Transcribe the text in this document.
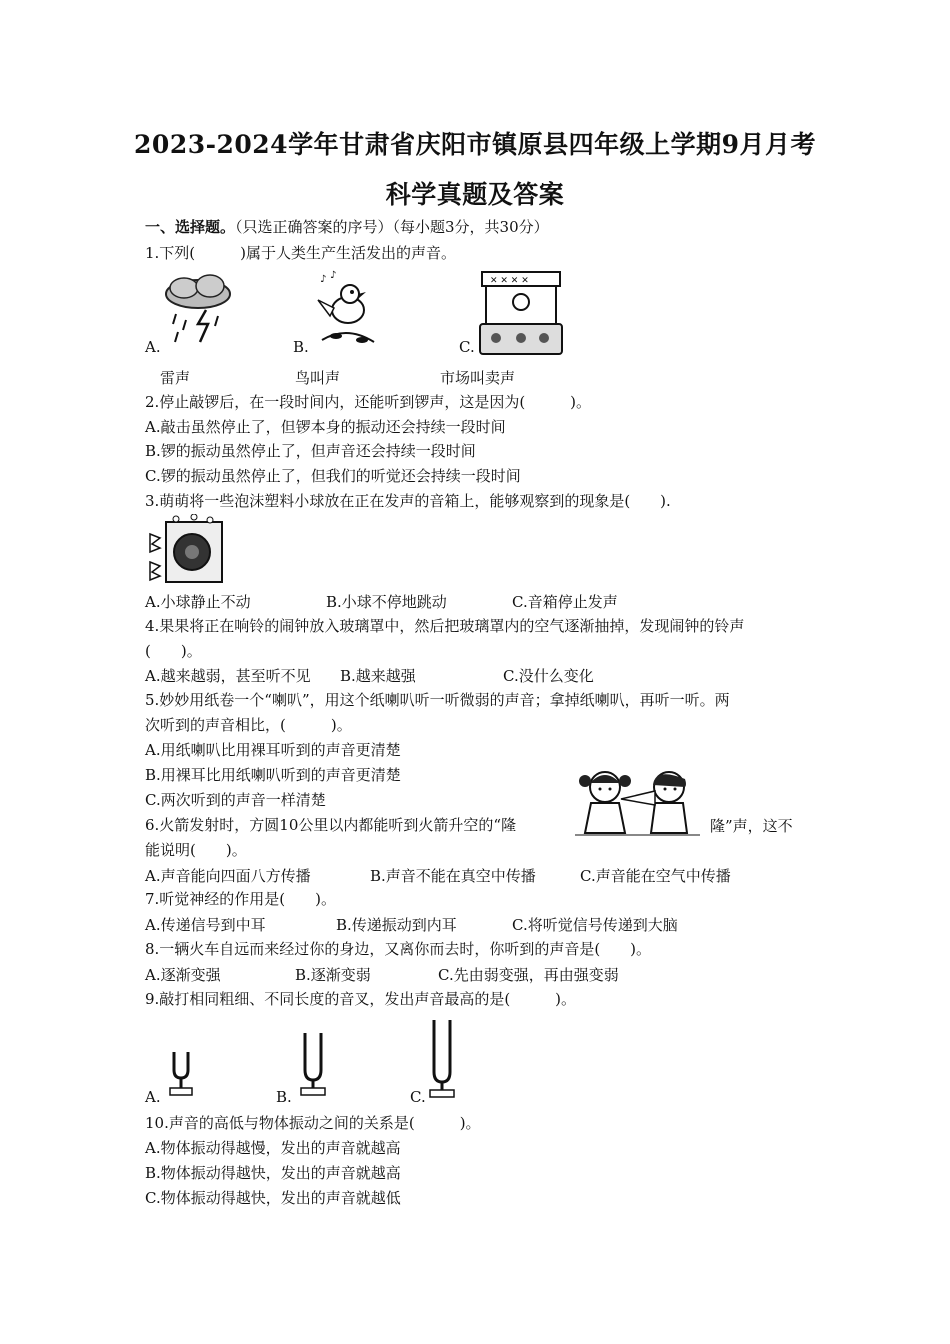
2023-2024学年甘肃省庆阳市镇原县四年级上学期9月月考
科学真题及答案
一、选择题。（只选正确答案的序号）（每小题3分，共30分）
1.下列(　　　)属于人类生产生活发出的声音。
A.
♪ ♪
B.
✕ ✕ ✕ ✕
C.
雷声	鸟叫声	市场叫卖声
2.停止敲锣后，在一段时间内，还能听到锣声，这是因为(　　　)。
A.敲击虽然停止了，但锣本身的振动还会持续一段时间
B.锣的振动虽然停止了，但声音还会持续一段时间
C.锣的振动虽然停止了，但我们的听觉还会持续一段时间
3.萌萌将一些泡沫塑料小球放在正在发声的音箱上，能够观察到的现象是(　　).
A.小球静止不动	B.小球不停地跳动	C.音箱停止发声
4.果果将正在响铃的闹钟放入玻璃罩中，然后把玻璃罩内的空气逐渐抽掉，发现闹钟的铃声
(　　)。
A.越来越弱，甚至听不见 B.越来越强	C.没什么变化
5.妙妙用纸卷一个“喇叭”，用这个纸喇叭听一听微弱的声音；拿掉纸喇叭，再听一听。两
次听到的声音相比，(　　　)。
A.用纸喇叭比用裸耳听到的声音更清楚
B.用裸耳比用纸喇叭听到的声音更清楚
C.两次听到的声音一样清楚
6.火箭发射时，方圆10公里以内都能听到火箭升空的“隆	隆”声，这不
能说明(　　)。
A.声音能向四面八方传播	B.声音不能在真空中传播	C.声音能在空气中传播
7.听觉神经的作用是(　　)。
A.传递信号到中耳	B.传递振动到内耳	C.将听觉信号传递到大脑
8.一辆火车自远而来经过你的身边，又离你而去时，你听到的声音是(　　)。
A.逐渐变强	B.逐渐变弱	C.先由弱变强，再由强变弱
9.敲打相同粗细、不同长度的音叉，发出声音最高的是(　　　)。
A.	B.	C.
10.声音的高低与物体振动之间的关系是(　　　)。
A.物体振动得越慢，发出的声音就越高
B.物体振动得越快，发出的声音就越高
C.物体振动得越快，发出的声音就越低
